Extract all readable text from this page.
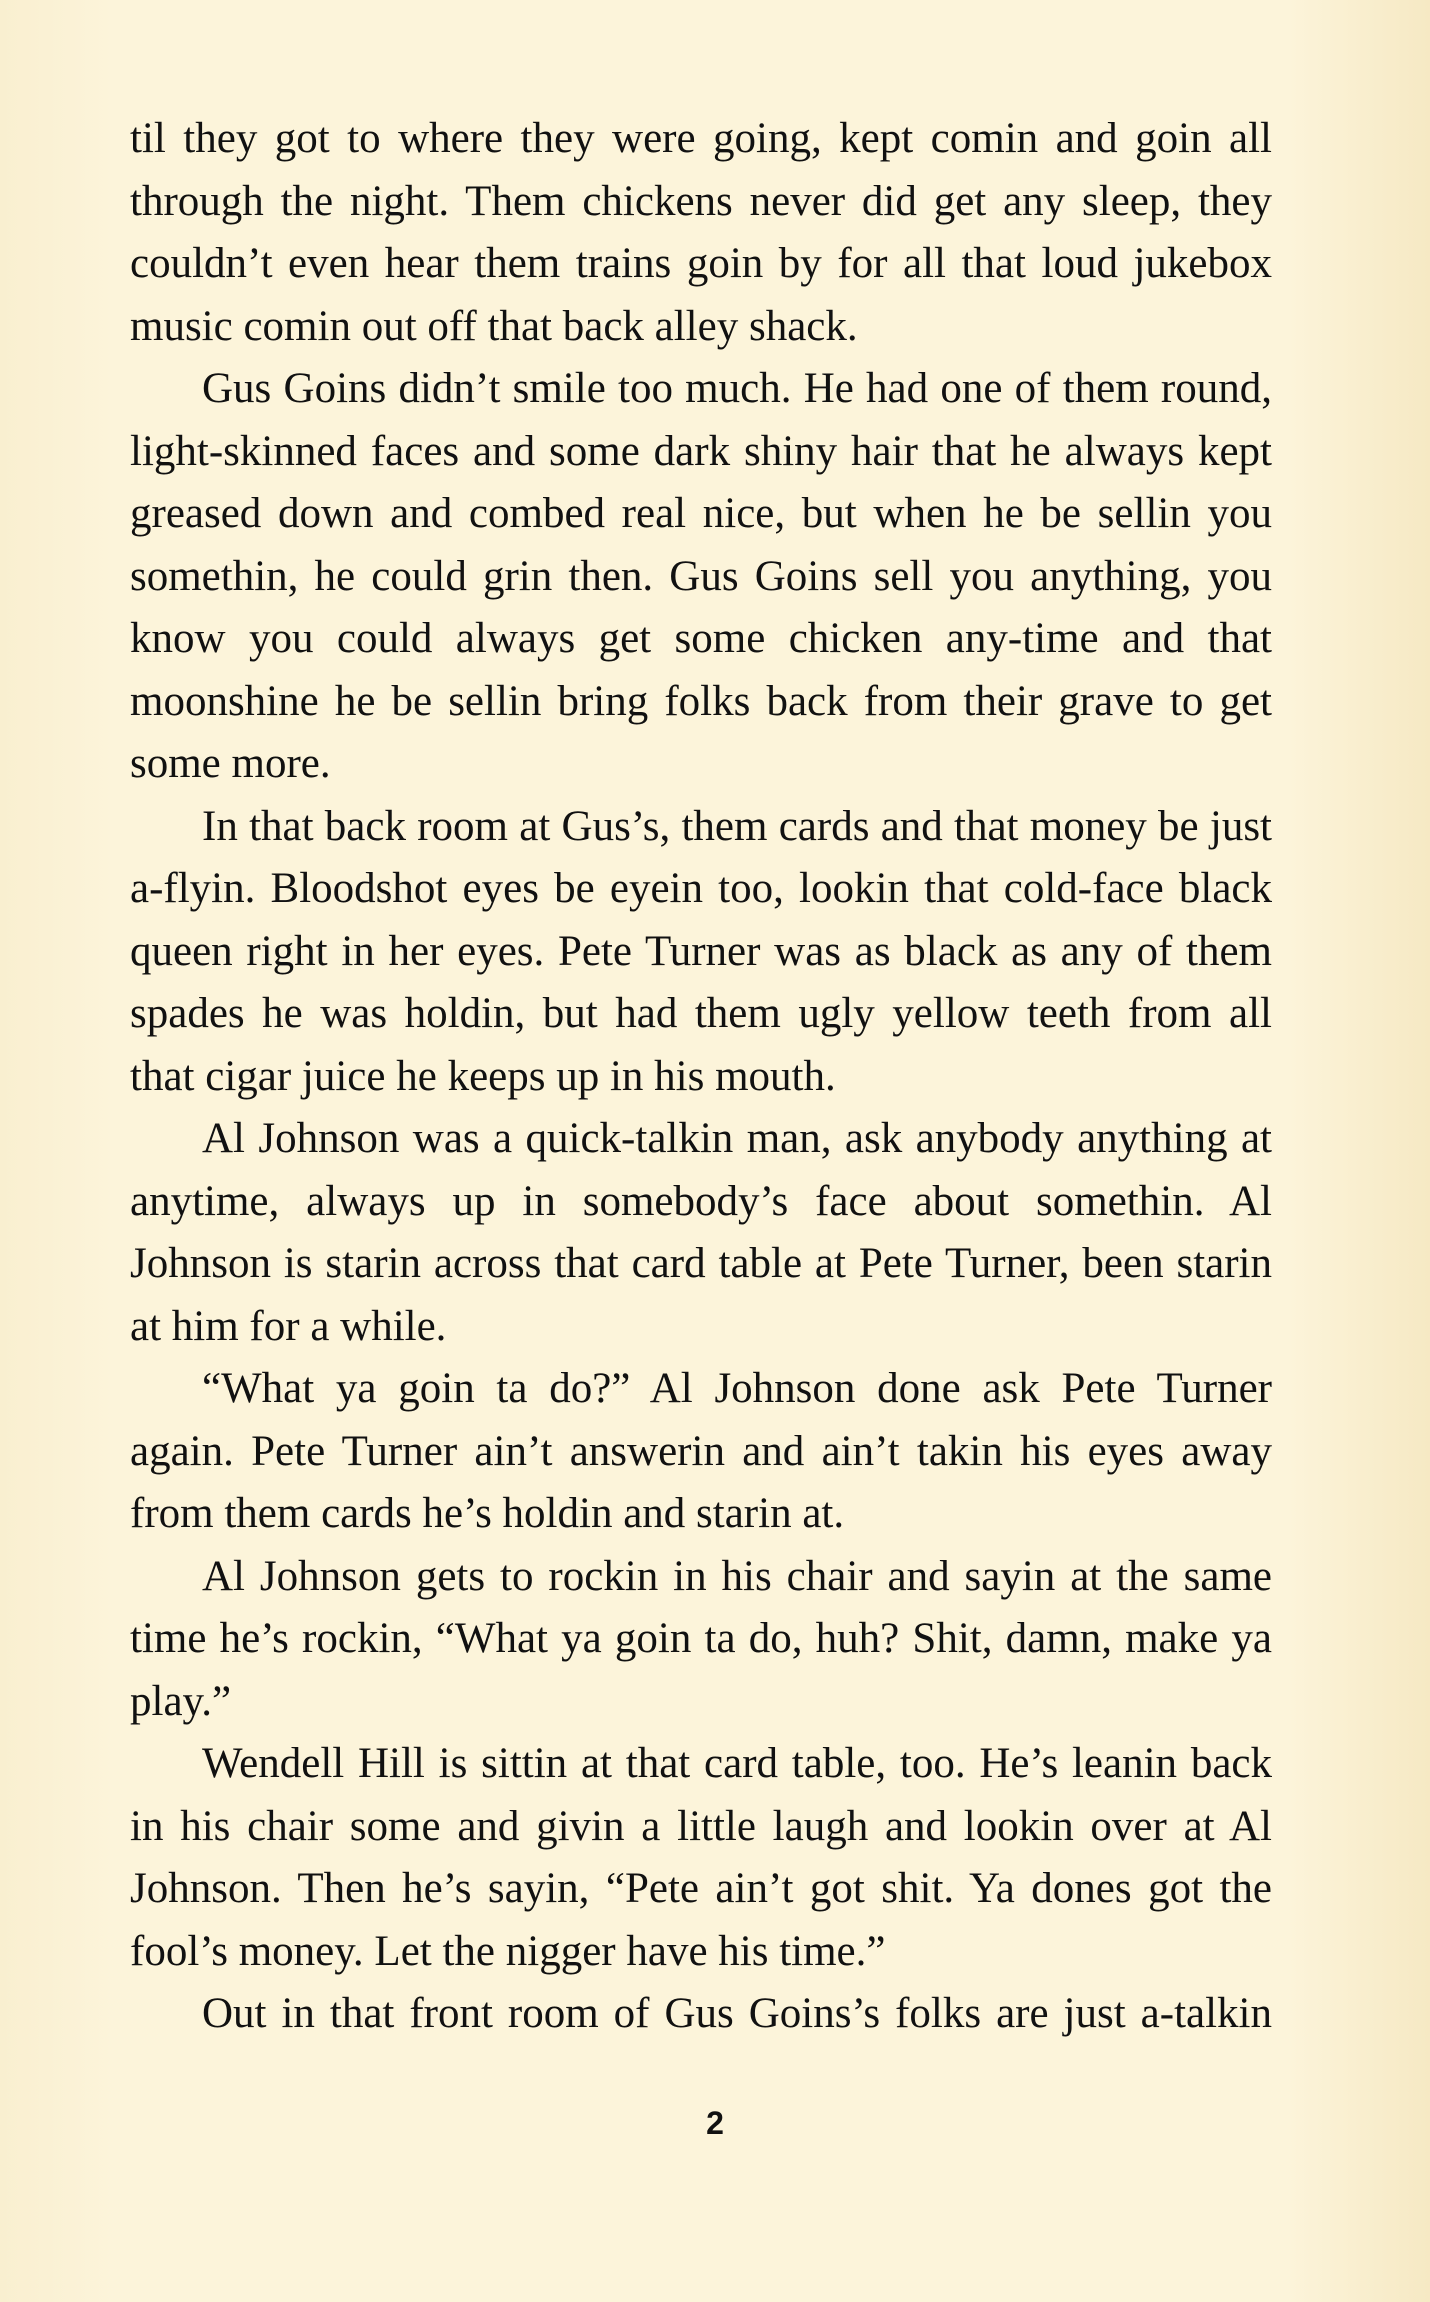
til they got to where they were going, kept comin and goin all through the night. Them chickens never did get any sleep, they couldn’t even hear them trains goin by for all that loud jukebox music comin out off that back alley shack.

Gus Goins didn’t smile too much. He had one of them round, light-skinned faces and some dark shiny hair that he always kept greased down and combed real nice, but when he be sellin you somethin, he could grin then. Gus Goins sell you anything, you know you could always get some chicken any-time and that moonshine he be sellin bring folks back from their grave to get some more.

In that back room at Gus’s, them cards and that money be just a-flyin. Bloodshot eyes be eyein too, lookin that cold-face black queen right in her eyes. Pete Turner was as black as any of them spades he was holdin, but had them ugly yellow teeth from all that cigar juice he keeps up in his mouth.

Al Johnson was a quick-talkin man, ask anybody anything at anytime, always up in somebody’s face about somethin. Al Johnson is starin across that card table at Pete Turner, been starin at him for a while.

“What ya goin ta do?” Al Johnson done ask Pete Turner again. Pete Turner ain’t answerin and ain’t takin his eyes away from them cards he’s holdin and starin at.

Al Johnson gets to rockin in his chair and sayin at the same time he’s rockin, “What ya goin ta do, huh? Shit, damn, make ya play.”

Wendell Hill is sittin at that card table, too. He’s leanin back in his chair some and givin a little laugh and lookin over at Al Johnson. Then he’s sayin, “Pete ain’t got shit. Ya dones got the fool’s money. Let the nigger have his time.”

Out in that front room of Gus Goins’s folks are just a-talkin

2
